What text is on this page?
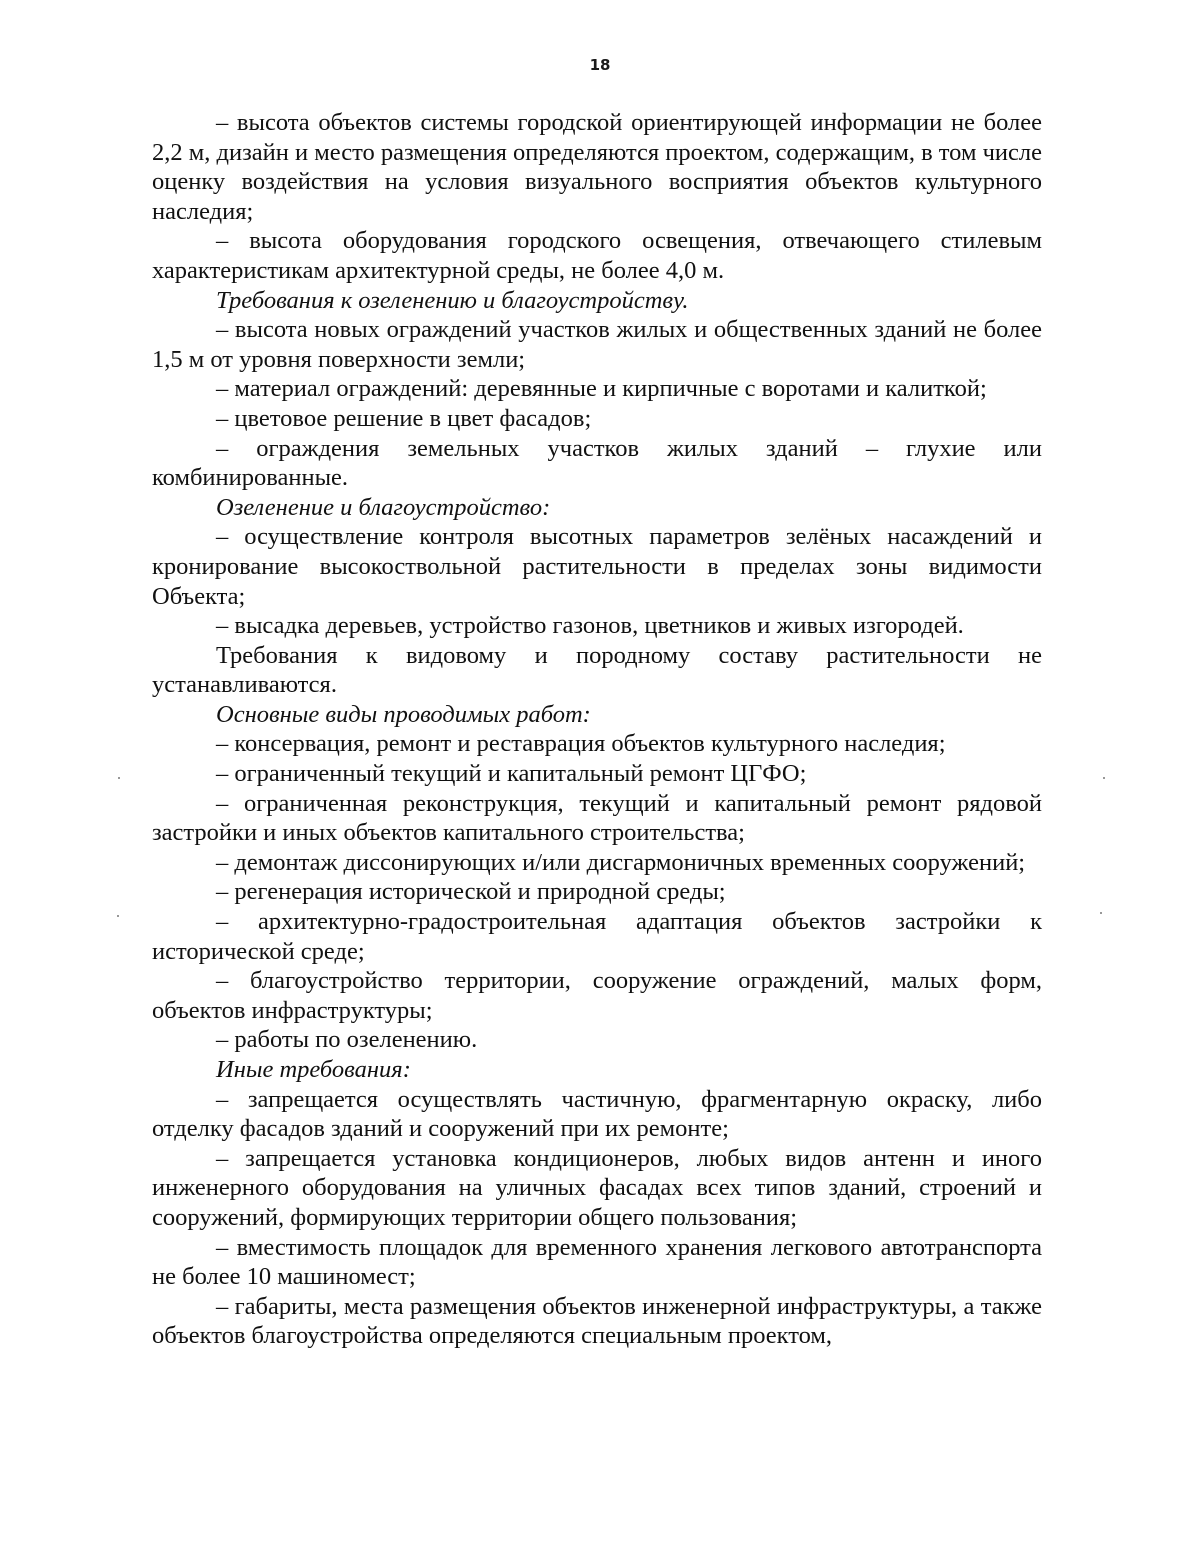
18

– высота объектов системы городской ориентирующей информации не более 2,2 м, дизайн и место размещения определяются проектом, содержащим, в том числе оценку воздействия на условия визуального восприятия объектов культурного наследия;

– высота оборудования городского освещения, отвечающего стилевым характеристикам архитектурной среды, не более 4,0 м.

Требования к озеленению и благоустройству.

– высота новых ограждений участков жилых и общественных зданий не более 1,5 м от уровня поверхности земли;

– материал ограждений: деревянные и кирпичные с воротами и калиткой;

– цветовое решение в цвет фасадов;

– ограждения земельных участков жилых зданий – глухие или комбинированные.

Озеленение и благоустройство:

– осуществление контроля высотных параметров зелёных насаждений и кронирование высокоствольной растительности в пределах зоны видимости Объекта;

– высадка деревьев, устройство газонов, цветников и живых изгородей.

Требования к видовому и породному составу растительности не устанавливаются.

Основные виды проводимых работ:

– консервация, ремонт и реставрация объектов культурного наследия;

– ограниченный текущий и капитальный ремонт ЦГФО;

– ограниченная реконструкция, текущий и капитальный ремонт рядовой застройки и иных объектов капитального строительства;

– демонтаж диссонирующих и/или дисгармоничных временных сооружений;

– регенерация исторической и природной среды;

– архитектурно-градостроительная адаптация объектов застройки к исторической среде;

– благоустройство территории, сооружение ограждений, малых форм, объектов инфраструктуры;

– работы по озеленению.

Иные требования:

– запрещается осуществлять частичную, фрагментарную окраску, либо отделку фасадов зданий и сооружений при их ремонте;

– запрещается установка кондиционеров, любых видов антенн и иного инженерного оборудования на уличных фасадах всех типов зданий, строений и сооружений, формирующих территории общего пользования;

– вместимость площадок для временного хранения легкового автотранспорта не более 10 машиномест;

– габариты, места размещения объектов инженерной инфраструктуры, а также объектов благоустройства определяются специальным проектом,
